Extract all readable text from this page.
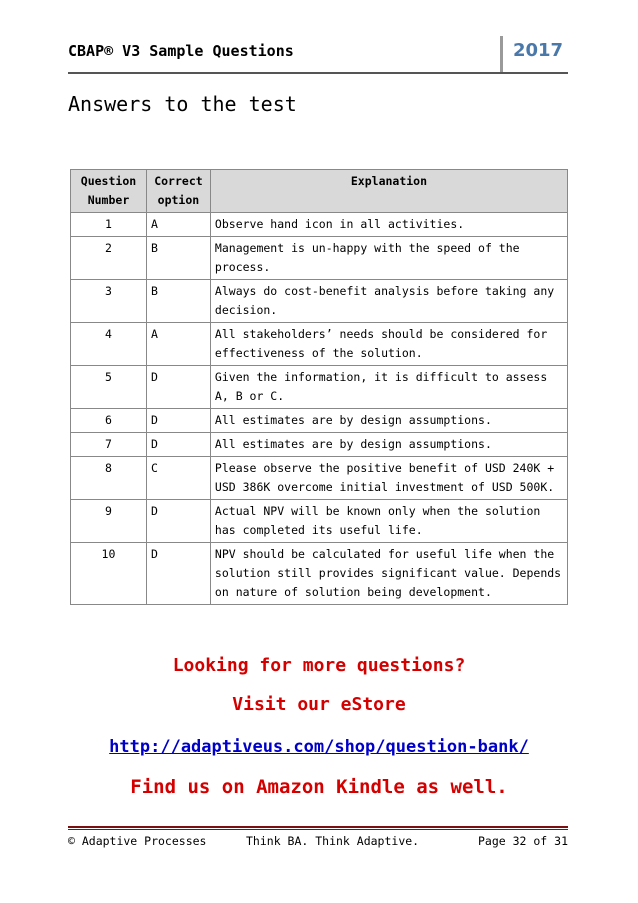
CBAP® V3 Sample Questions	2017
Answers to the test
Question Number	Correct option	Explanation
1	A	Observe hand icon in all activities.
2	B	Management is un-happy with the speed of the process.
3	B	Always do cost-benefit analysis before taking any decision.
4	A	All stakeholders’ needs should be considered for effectiveness of the solution.
5	D	Given the information, it is difficult to assess A, B or C.
6	D	All estimates are by design assumptions.
7	D	All estimates are by design assumptions.
8	C	Please observe the positive benefit of USD 240K + USD 386K overcome initial investment of USD 500K.
9	D	Actual NPV will be known only when the solution has completed its useful life.
10	D	NPV should be calculated for useful life when the solution still provides significant value. Depends on nature of solution being development.
Looking for more questions?
Visit our eStore
http://adaptiveus.com/shop/question-bank/
Find us on Amazon Kindle as well.
© Adaptive Processes	Think BA. Think Adaptive.	Page 32 of 31
